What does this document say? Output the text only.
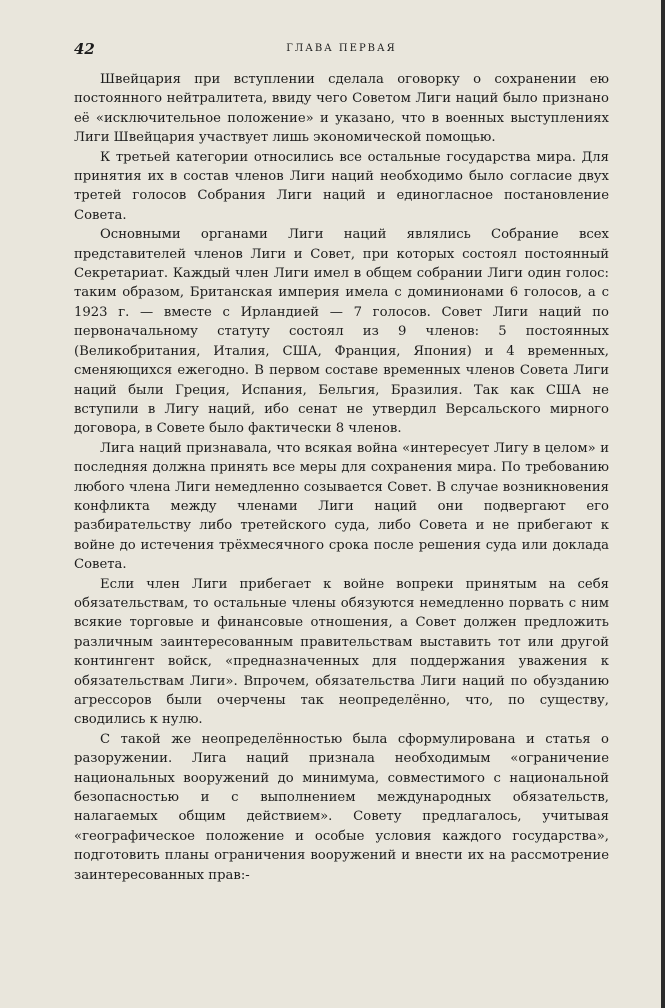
42	ГЛАВА ПЕРВАЯ

Швейцария при вступлении сделала оговорку о сохранении ею постоянного нейтралитета, ввиду чего Советом Лиги наций было признано её «исключительное положение» и указано, что в военных выступлениях Лиги Швейцария участвует лишь экономической помощью.

К третьей категории относились все остальные государства мира. Для принятия их в состав членов Лиги наций необходимо было согласие двух третей голосов Собрания Лиги наций и единогласное постановление Совета.

Основными органами Лиги наций являлись Собрание всех представителей членов Лиги и Совет, при которых состоял постоянный Секретариат. Каждый член Лиги имел в общем собрании Лиги один голос: таким образом, Британская империя имела с доминионами 6 голосов, а с 1923 г. — вместе с Ирландией — 7 голосов. Совет Лиги наций по первоначальному статуту состоял из 9 членов: 5 постоянных (Великобритания, Италия, США, Франция, Япония) и 4 временных, сменяющихся ежегодно. В первом составе временных членов Совета Лиги наций были Греция, Испания, Бельгия, Бразилия. Так как США не вступили в Лигу наций, ибо сенат не утвердил Версальского мирного договора, в Совете было фактически 8 членов.

Лига наций признавала, что всякая война «интересует Лигу в целом» и последняя должна принять все меры для сохранения мира. По требованию любого члена Лиги немедленно созывается Совет. В случае возникновения конфликта между членами Лиги наций они подвергают его разбирательству либо третейского суда, либо Совета и не прибегают к войне до истечения трёхмесячного срока после решения суда или доклада Совета.

Если член Лиги прибегает к войне вопреки принятым на себя обязательствам, то остальные члены обязуются немедленно порвать с ним всякие торговые и финансовые отношения, а Совет должен предложить различным заинтересованным правительствам выставить тот или другой контингент войск, «предназначенных для поддержания уважения к обязательствам Лиги». Впрочем, обязательства Лиги наций по обузданию агрессоров были очерчены так неопределённо, что, по существу, сводились к нулю.

С такой же неопределённостью была сформулирована и статья о разоружении. Лига наций признала необходимым «ограничение национальных вооружений до минимума, совместимого с национальной безопасностью и с выполнением международных обязательств, налагаемых общим действием». Совету предлагалось, учитывая «географическое положение и особые условия каждого государства», подготовить планы ограничения вооружений и внести их на рассмотрение заинтересованных прав:-
